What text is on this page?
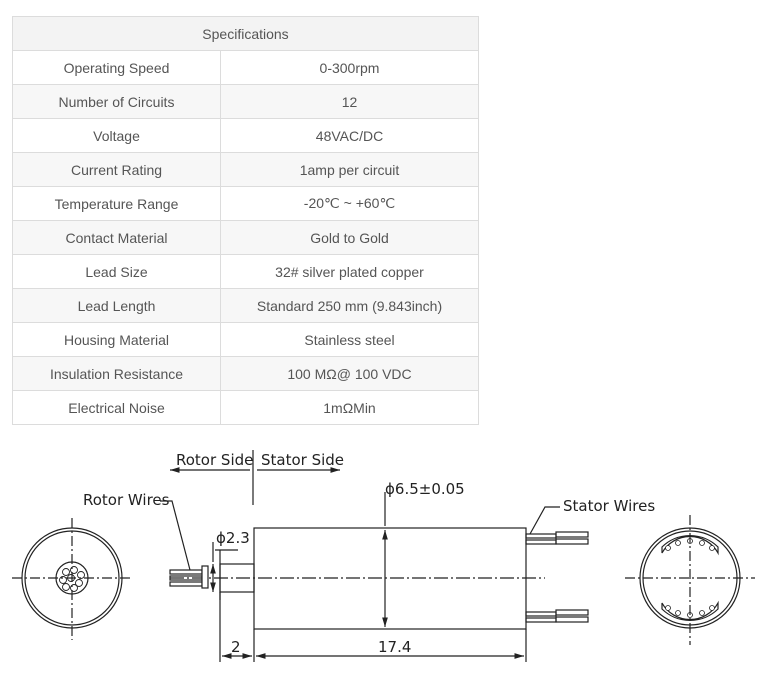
Specifications	
Operating Speed	0-300rpm
Number of Circuits	12
Voltage	48VAC/DC
Current Rating	1amp per circuit
Temperature Range	-20℃ ~ +60℃
Contact Material	Gold to Gold
Lead Size	32# silver plated copper
Lead Length	Standard 250 mm (9.843inch)
Housing Material	Stainless steel
Insulation Resistance	100 MΩ@ 100 VDC
Electrical Noise	1mΩMin
Rotor Side Stator Side
Rotor Wires	Stator Wires
ϕ6.5±0.05
ϕ2.3
2	17.4
